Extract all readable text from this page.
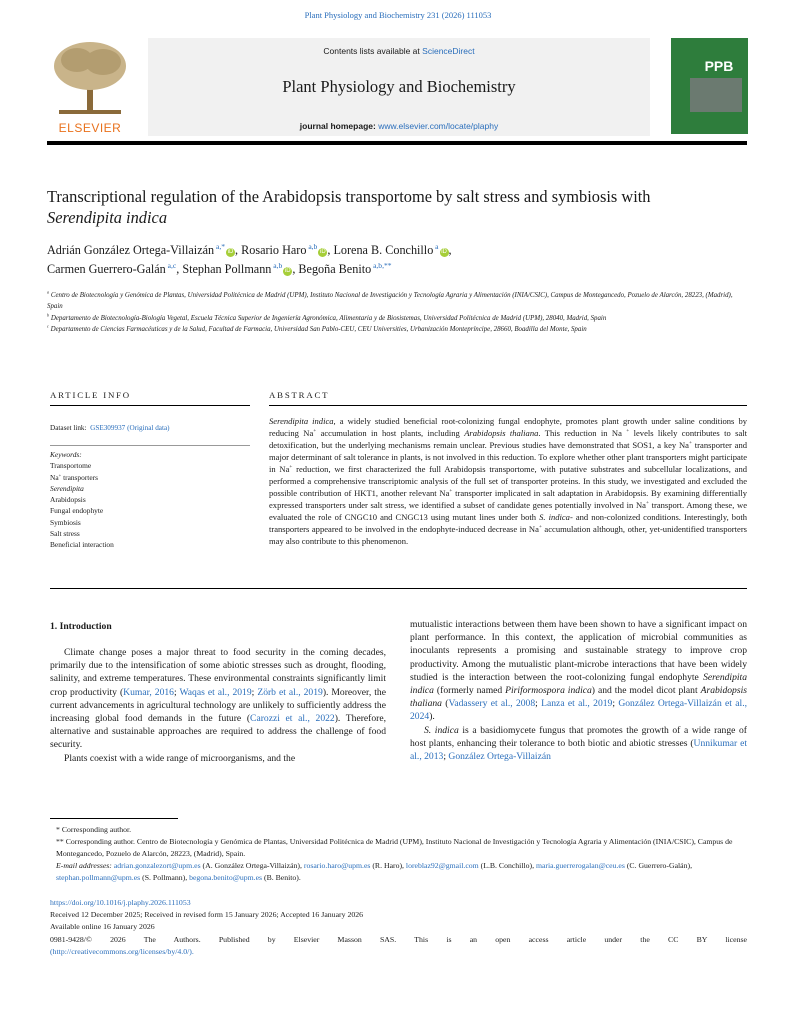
Plant Physiology and Biochemistry 231 (2026) 111053
ELSEVIER
Contents lists available at ScienceDirect
Plant Physiology and Biochemistry
journal homepage: www.elsevier.com/locate/plaphy
PPB
Transcriptional regulation of the Arabidopsis transportome by salt stress and symbiosis with Serendipita indica
Adrián González Ortega-Villaizán $^{a,*}$iD , Rosario Haro $^{a,b}$iD , Lorena B. Conchillo $^a$iD ,
Carmen Guerrero-Galán $^{a,c}$, Stephan Pollmann $^{a,b}$iD , Begoña Benito $^{a,b,**}$
$^a$ Centro de Biotecnología y Genómica de Plantas, Universidad Politécnica de Madrid (UPM), Instituto Nacional de Investigación y Tecnología Agraria y Alimentación (INIA/CSIC), Campus de Montegancedo, Pozuelo de Alarcón, 28223, (Madrid), Spain
$^b$ Departamento de Biotecnología-Biología Vegetal, Escuela Técnica Superior de Ingeniería Agronómica, Alimentaria y de Biosistemas, Universidad Politécnica de Madrid (UPM), 28040, Madrid, Spain
$^c$ Departamento de Ciencias Farmacéuticas y de la Salud, Facultad de Farmacia, Universidad San Pablo-CEU, CEU Universities, Urbanización Montepríncipe, 28660, Boadilla del Monte, Spain
ARTICLE INFO
Dataset link: GSE309937 (Original data)
Keywords:
Transportome
Na+ transporters
Serendipita
Arabidopsis
Fungal endophyte
Symbiosis
Salt stress
Beneficial interaction
ABSTRACT
Serendipita indica, a widely studied beneficial root-colonizing fungal endophyte, promotes plant growth under saline conditions by reducing Na+ accumulation in host plants, including Arabidopsis thaliana. This reduction in Na + levels likely contributes to salt detoxification, but the underlying mechanisms remain unclear. Previous studies have demonstrated that SOS1, a key Na+ transporter and major determinant of salt tolerance in plants, is not involved in this reduction. To explore whether other plant transporters might participate in Na+ reduction, we first characterized the full Arabidopsis transportome, with putative substrates and subcellular localizations, and performed a comprehensive transcriptomic analysis of the full set of transporter proteins. In this study, we investigated and excluded the possible contribution of HKT1, another relevant Na+ transporter implicated in salt adaptation in Arabidopsis. By examining differentially expressed transporters under salt stress, we identified a subset of candidate genes potentially involved in Na+ transport. Among these, we evaluated the role of CNGC10 and CNGC13 using mutant lines under both S. indica- and non-colonized conditions. Interestingly, both transporters appeared to be involved in the endophyte-induced decrease in Na+ accumulation although, other, yet-unidentified transporters may also contribute to this phenomenon.
1. Introduction

Climate change poses a major threat to food security in the coming decades, primarily due to the intensification of some abiotic stresses such as drought, flooding, salinity, and extreme temperatures. These environmental constraints significantly limit crop productivity (Kumar, 2016; Waqas et al., 2019; Zörb et al., 2019). Moreover, the current advancements in agricultural technology are unlikely to sufficiently address the increasing global food demands in the future (Carozzi et al., 2022). Therefore, alternative and sustainable approaches are required to address the challenge of food security.

Plants coexist with a wide range of microorganisms, and the

mutualistic interactions between them have been shown to have a significant impact on plant performance. In this context, the application of microbial communities as inoculants represents a promising and sustainable strategy to improve crop productivity. Among the mutualistic plant-microbe interactions that have been widely studied is the interaction between the root-colonizing fungal endophyte Serendipita indica (formerly named Piriformospora indica) and the model dicot plant Arabidopsis thaliana (Vadassery et al., 2008; Lanza et al., 2019; González Ortega-Villaizán et al., 2024).

S. indica is a basidiomycete fungus that promotes the growth of a wide range of host plants, enhancing their tolerance to both biotic and abiotic stresses (Unnikumar et al., 2013; González Ortega-Villaizán

* Corresponding author.

** Corresponding author. Centro de Biotecnología y Genómica de Plantas, Universidad Politécnica de Madrid (UPM), Instituto Nacional de Investigación y Tecnología Agraria y Alimentación (INIA/CSIC), Campus de Montegancedo, Pozuelo de Alarcón, 28223, (Madrid), Spain.

E-mail addresses: adrian.gonzalezort@upm.es (A. González Ortega-Villaizán), rosario.haro@upm.es (R. Haro), loreblaz92@gmail.com (L.B. Conchillo), maria.guerrerogalan@ceu.es (C. Guerrero-Galán), stephan.pollmann@upm.es (S. Pollmann), begona.benito@upm.es (B. Benito).

https://doi.org/10.1016/j.plaphy.2026.111053

Received 12 December 2025; Received in revised form 15 January 2026; Accepted 16 January 2026

Available online 16 January 2026

0981-9428/© 2026 The Authors. Published by Elsevier Masson SAS. This is an open access article under the CC BY license

(http://creativecommons.org/licenses/by/4.0/).
